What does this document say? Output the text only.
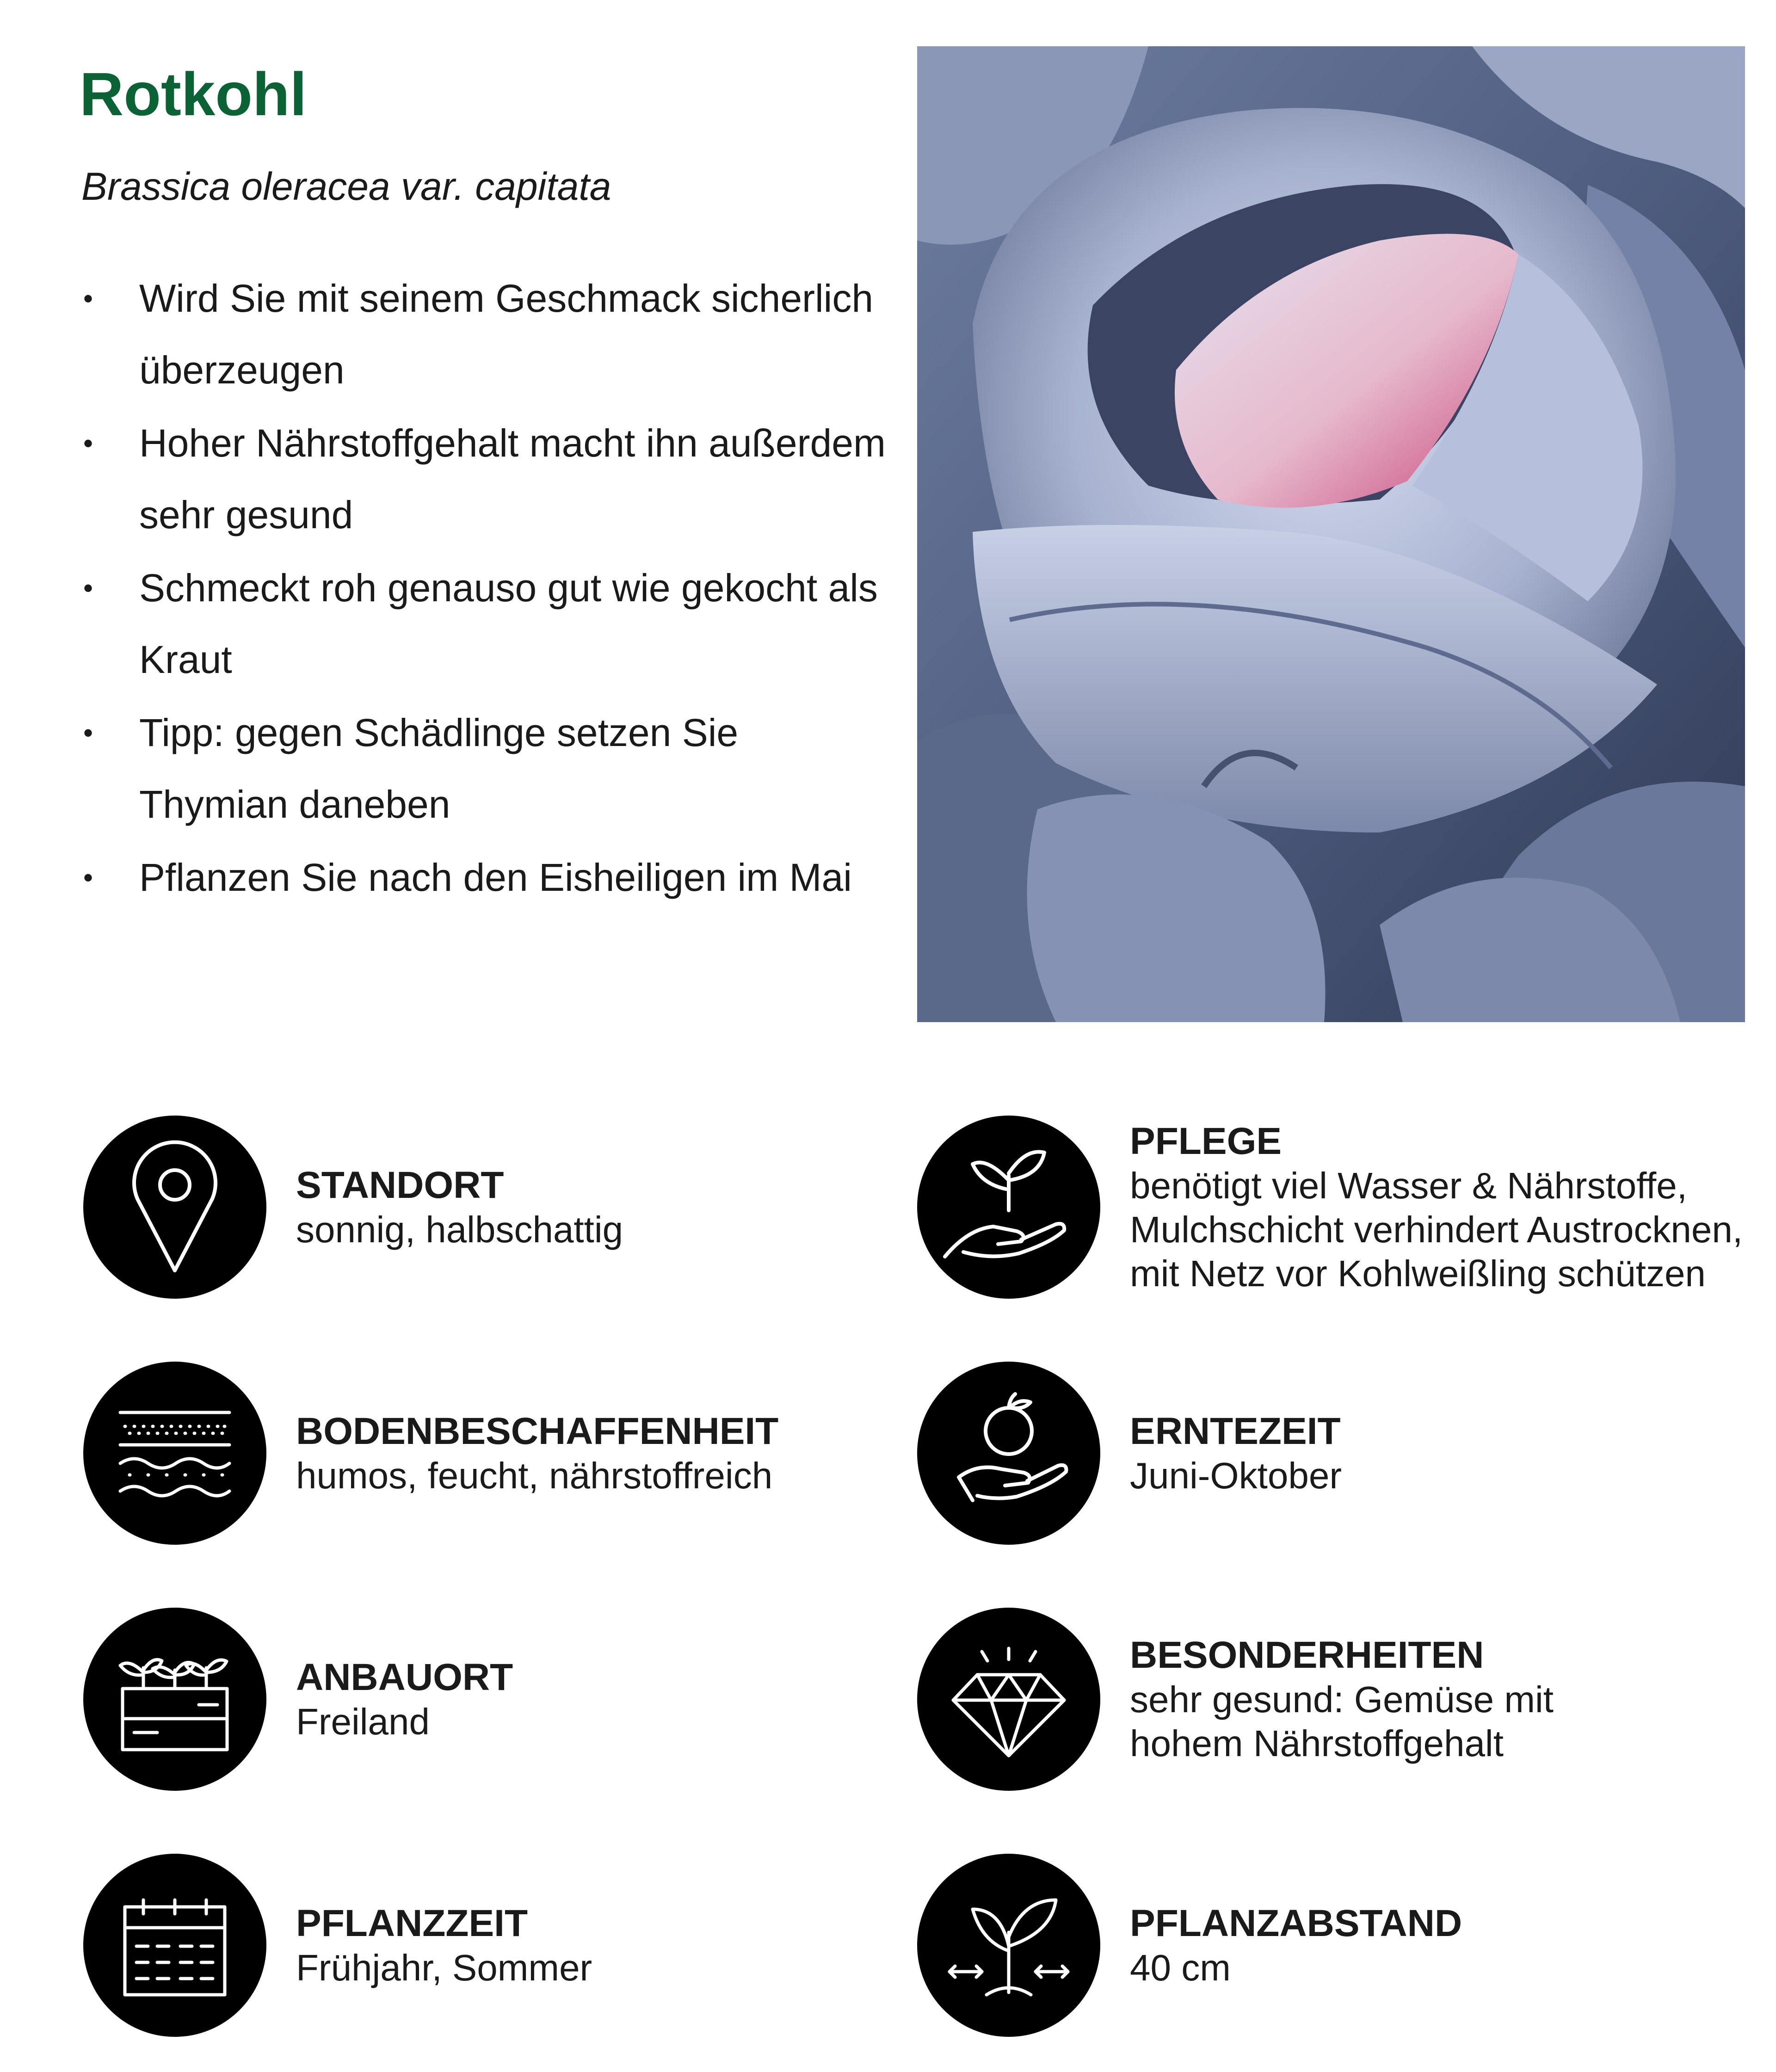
Rotkohl

Brassica oleracea var. capitata

•	Wird Sie mit seinem Geschmack sicherlich überzeugen
•	Hoher Nährstoffgehalt macht ihn außerdem sehr gesund
•	Schmeckt roh genauso gut wie gekocht als Kraut
•	Tipp: gegen Schädlinge setzen Sie Thymian daneben
•	Pflanzen Sie nach den Eisheiligen im Mai
STANDORT
sonnig, halbschattig
PFLEGE
benötigt viel Wasser & Nährstoffe,
Mulchschicht verhindert Austrocknen,
mit Netz vor Kohlweißling schützen
BODENBESCHAFFENHEIT
humos, feucht, nährstoffreich
ERNTEZEIT
Juni-Oktober
ANBAUORT
Freiland
BESONDERHEITEN
sehr gesund: Gemüse mit
hohem Nährstoffgehalt
PFLANZZEIT
Frühjahr, Sommer
PFLANZABSTAND
40 cm
